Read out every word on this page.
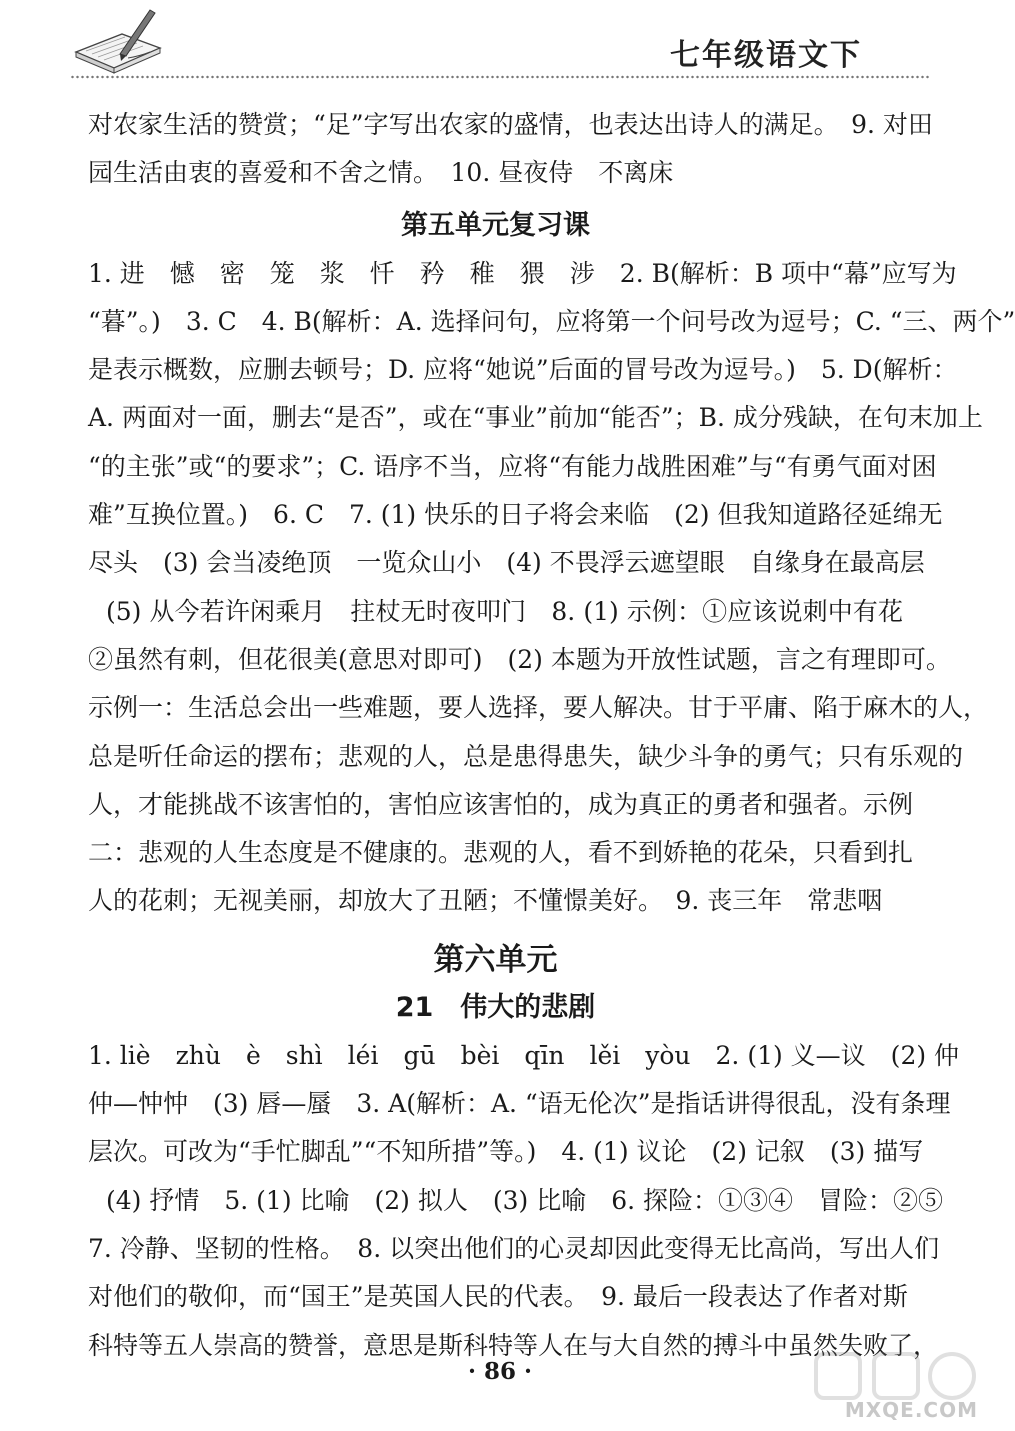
七年级语文下

对农家生活的赞赏；“足”字写出农家的盛情，也表达出诗人的满足。　9. 对田

园生活由衷的喜爱和不舍之情。　10. 昼夜侍　不离床

第五单元复习课

1. 进　憾　密　笼　浆　忏　矜　稚　猥　涉　2. B(解析：B 项中“幕”应写为

“暮”。)　3. C　4. B(解析：A. 选择问句，应将第一个问号改为逗号；C. “三、两个”

是表示概数，应删去顿号；D. 应将“她说”后面的冒号改为逗号。)　5. D(解析：

A. 两面对一面，删去“是否”，或在“事业”前加“能否”；B. 成分残缺，在句末加上

“的主张”或“的要求”；C. 语序不当，应将“有能力战胜困难”与“有勇气面对困

难”互换位置。)　6. C　7. (1) 快乐的日子将会来临　(2) 但我知道路径延绵无

尽头　(3) 会当凌绝顶　一览众山小　(4) 不畏浮云遮望眼　自缘身在最高层

(5) 从今若许闲乘月　拄杖无时夜叩门　8. (1) 示例：①应该说刺中有花

②虽然有刺，但花很美(意思对即可)　(2) 本题为开放性试题，言之有理即可。

示例一：生活总会出一些难题，要人选择，要人解决。甘于平庸、陷于麻木的人，

总是听任命运的摆布；悲观的人，总是患得患失，缺少斗争的勇气；只有乐观的

人，才能挑战不该害怕的，害怕应该害怕的，成为真正的勇者和强者。示例

二：悲观的人生态度是不健康的。悲观的人，看不到娇艳的花朵，只看到扎

人的花刺；无视美丽，却放大了丑陋；不懂憬美好。　9. 丧三年　常悲咽

第六单元
21　伟大的悲剧

1. liè　zhù　è　shì　léi　gū　bèi　qīn　lěi　yòu　2. (1) 义—议　(2) 仲

仲—忡忡　(3) 唇—蜃　3. A(解析：A. “语无伦次”是指话讲得很乱，没有条理

层次。可改为“手忙脚乱”“不知所措”等。)　4. (1) 议论　(2) 记叙　(3) 描写

(4) 抒情　5. (1) 比喻　(2) 拟人　(3) 比喻　6. 探险：①③④　冒险：②⑤

7. 冷静、坚韧的性格。　8. 以突出他们的心灵却因此变得无比高尚，写出人们

对他们的敬仰，而“国王”是英国人民的代表。　9. 最后一段表达了作者对斯

科特等五人崇高的赞誉，意思是斯科特等人在与大自然的搏斗中虽然失败了，

· 86 ·
MXQE.COM
